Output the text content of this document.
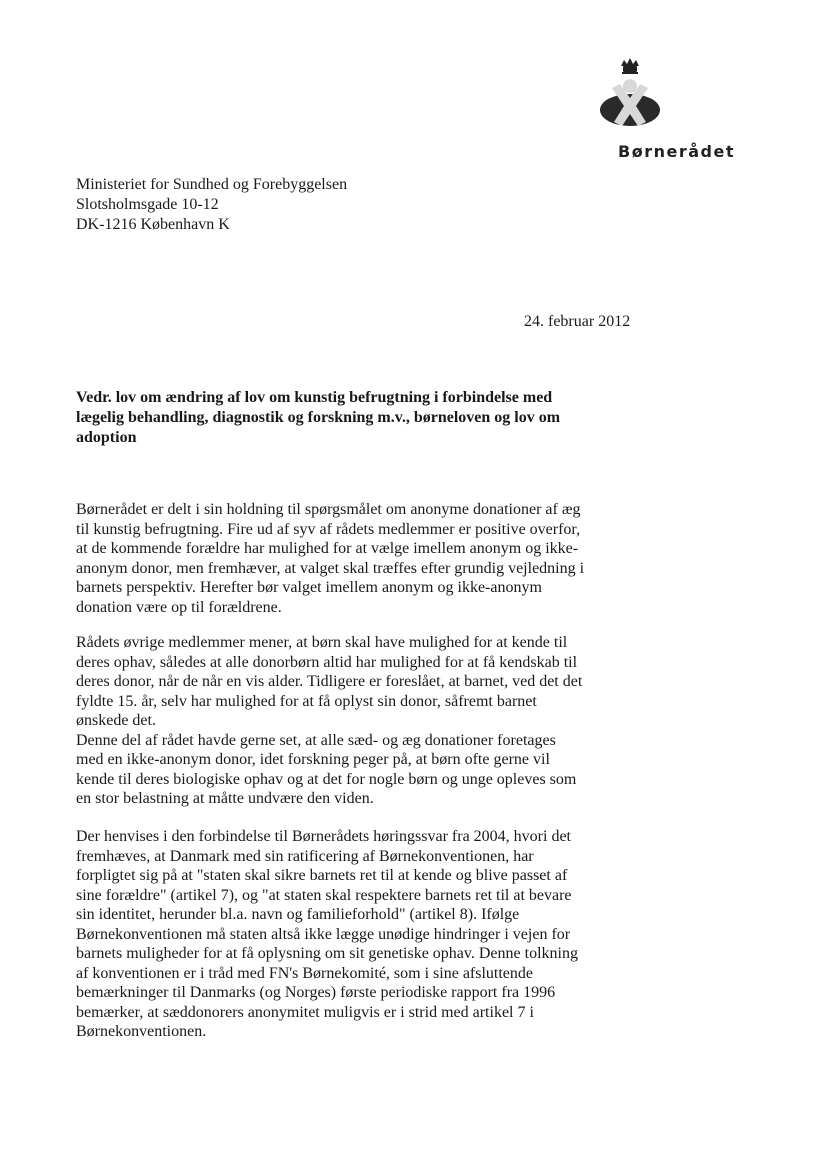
Børnerådet
Ministeriet for Sundhed og Forebyggelsen
Slotsholmsgade 10-12
DK-1216 København K
24. februar 2012
Vedr. lov om ændring af lov om kunstig befrugtning i forbindelse med
lægelig behandling, diagnostik og forskning m.v., børneloven og lov om
adoption
Børnerådet er delt i sin holdning til spørgsmålet om anonyme donationer af æg
til kunstig befrugtning. Fire ud af syv af rådets medlemmer er positive overfor,
at de kommende forældre har mulighed for at vælge imellem anonym og ikke-
anonym donor, men fremhæver, at valget skal træffes efter grundig vejledning i
barnets perspektiv. Herefter bør valget imellem anonym og ikke-anonym
donation være op til forældrene.
Rådets øvrige medlemmer mener, at børn skal have mulighed for at kende til
deres ophav, således at alle donorbørn altid har mulighed for at få kendskab til
deres donor, når de når en vis alder. Tidligere er foreslået, at barnet, ved det det
fyldte 15. år, selv har mulighed for at få oplyst sin donor, såfremt barnet
ønskede det.
Denne del af rådet havde gerne set, at alle sæd- og æg donationer foretages
med en ikke-anonym donor, idet forskning peger på, at børn ofte gerne vil
kende til deres biologiske ophav og at det for nogle børn og unge opleves som
en stor belastning at måtte undvære den viden.
Der henvises i den forbindelse til Børnerådets høringssvar fra 2004, hvori det
fremhæves, at Danmark med sin ratificering af Børnekonventionen, har
forpligtet sig på at "staten skal sikre barnets ret til at kende og blive passet af
sine forældre" (artikel 7), og "at staten skal respektere barnets ret til at bevare
sin identitet, herunder bl.a. navn og familieforhold" (artikel 8). Ifølge
Børnekonventionen må staten altså ikke lægge unødige hindringer i vejen for
barnets muligheder for at få oplysning om sit genetiske ophav. Denne tolkning
af konventionen er i tråd med FN's Børnekomité, som i sine afsluttende
bemærkninger til Danmarks (og Norges) første periodiske rapport fra 1996
bemærker, at sæddonorers anonymitet muligvis er i strid med artikel 7 i
Børnekonventionen.
